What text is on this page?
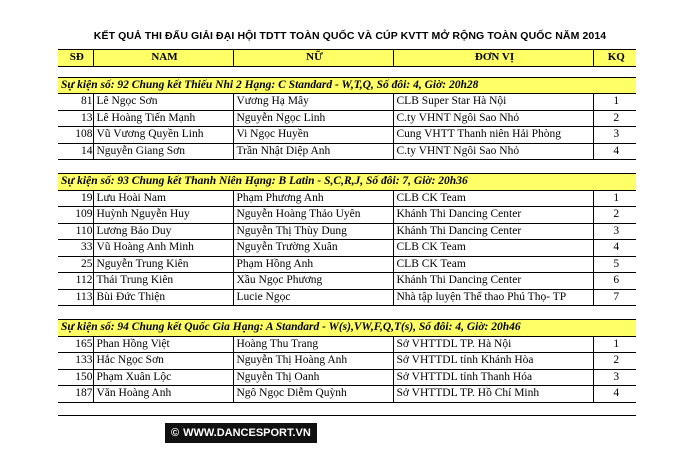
KẾT QUẢ THI ĐẤU GIẢI ĐẠI HỘI TDTT TOÀN QUỐC VÀ CÚP KVTT MỞ RỘNG TOÀN QUỐC NĂM 2014
SĐ	NAM	NỮ	ĐƠN VỊ	KQ

Sự kiện số: 92 Chung kết Thiếu Nhi 2 Hạng: C Standard - W,T,Q, Số đôi: 4, Giờ: 20h28				
81	Lê Ngọc Sơn	Vương Hạ Mây	CLB Super Star Hà Nội	1
13	Lê Hoàng Tiến Mạnh	Nguyễn Ngọc Linh	C.ty VHNT Ngôi Sao Nhỏ	2
108	Vũ Vương Quyền Linh	Vi Ngọc Huyền	Cung VHTT Thanh niên Hải Phòng	3
14	Nguyễn Giang Sơn	Trần Nhật Diệp Anh	C.ty VHNT Ngôi Sao Nhỏ	4

Sự kiện số: 93 Chung kết Thanh Niên Hạng: B Latin - S,C,R,J, Số đôi: 7, Giờ: 20h36				
19	Lưu Hoài Nam	Phạm Phương Anh	CLB CK Team	1
109	Huỳnh Nguyễn Huy	Nguyễn Hoàng Thảo Uyên	Khánh Thi Dancing Center	2
110	Lương Bảo Duy	Nguyễn Thị Thùy Dung	Khánh Thi Dancing Center	3
33	Vũ Hoàng Anh Minh	Nguyễn Trường Xuân	CLB CK Team	4
25	Nguyễn Trung Kiên	Phạm Hồng Anh	CLB CK Team	5
112	Thái Trung Kiên	Xầu Ngọc Phương	Khánh Thi Dancing Center	6
113	Bùi Đức Thiện	Lucie Ngọc	Nhà tập luyện Thể thao Phú Thọ- TP	7

Sự kiện số: 94 Chung kết Quốc Gia Hạng: A Standard - W(s),VW,F,Q,T(s), Số đôi: 4, Giờ: 20h46				
165	Phan Hồng Việt	Hoàng Thu Trang	Sở VHTTDL TP. Hà Nội	1
133	Hắc Ngọc Sơn	Nguyễn Thị Hoàng Anh	Sở VHTTDL tỉnh Khánh Hòa	2
150	Phạm Xuân Lộc	Nguyễn Thị Oanh	Sở VHTTDL tỉnh Thanh Hóa	3
187	Văn Hoàng Anh	Ngô Ngọc Diễm Quỳnh	Sở VHTTDL TP. Hồ Chí Minh	4

© WWW.DANCESPORT.VN
